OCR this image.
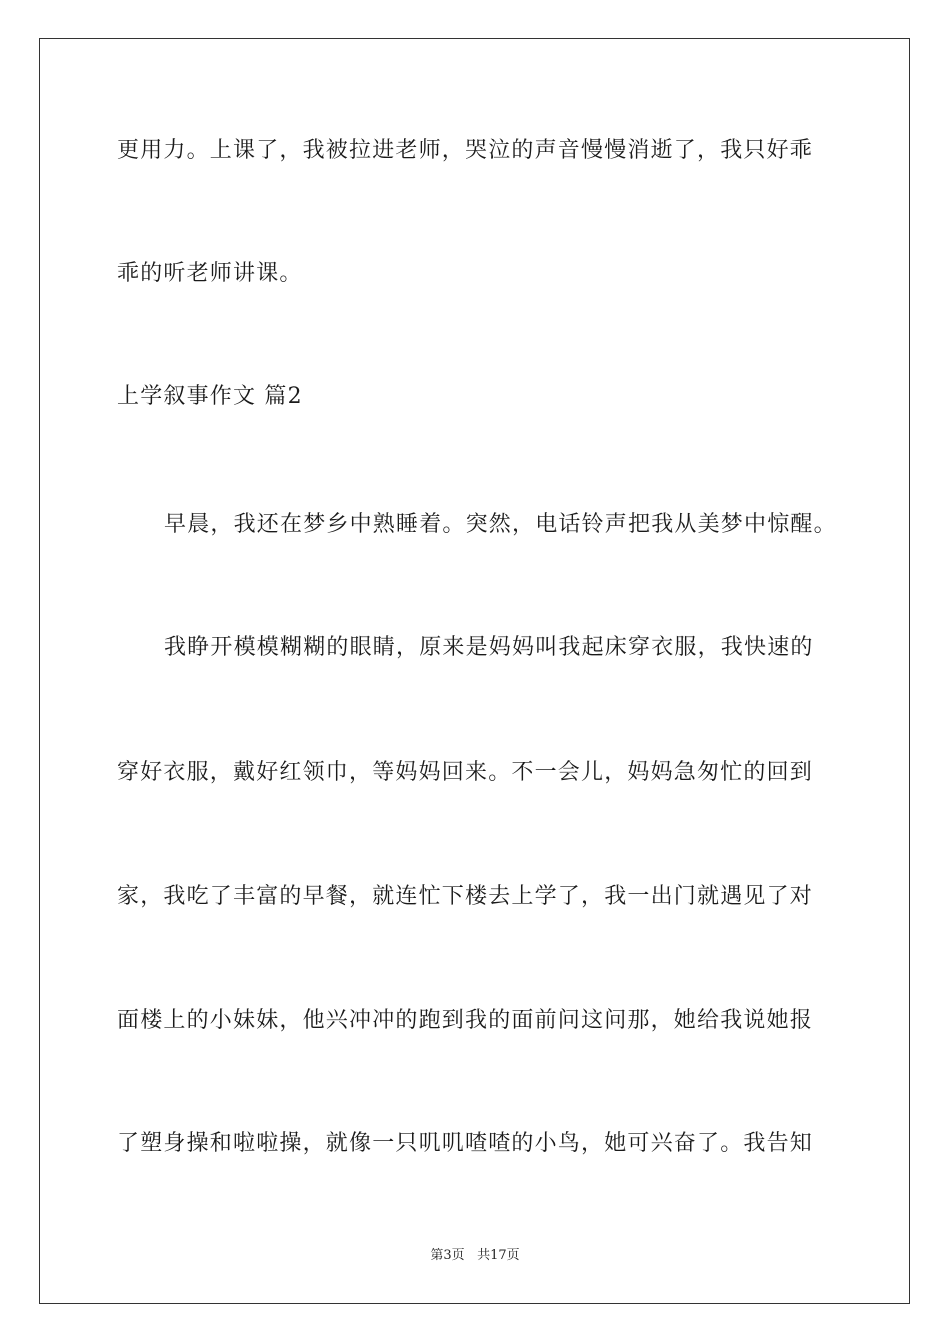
更用力。上课了，我被拉进老师，哭泣的声音慢慢消逝了，我只好乖
乖的听老师讲课。
上学叙事作文 篇2
早晨，我还在梦乡中熟睡着。突然，电话铃声把我从美梦中惊醒。
我睁开模模糊糊的眼睛，原来是妈妈叫我起床穿衣服，我快速的
穿好衣服，戴好红领巾，等妈妈回来。不一会儿，妈妈急匆忙的回到
家，我吃了丰富的早餐，就连忙下楼去上学了，我一出门就遇见了对
面楼上的小妹妹，他兴冲冲的跑到我的面前问这问那，她给我说她报
了塑身操和啦啦操，就像一只叽叽喳喳的小鸟，她可兴奋了。我告知
第3页 共17页
